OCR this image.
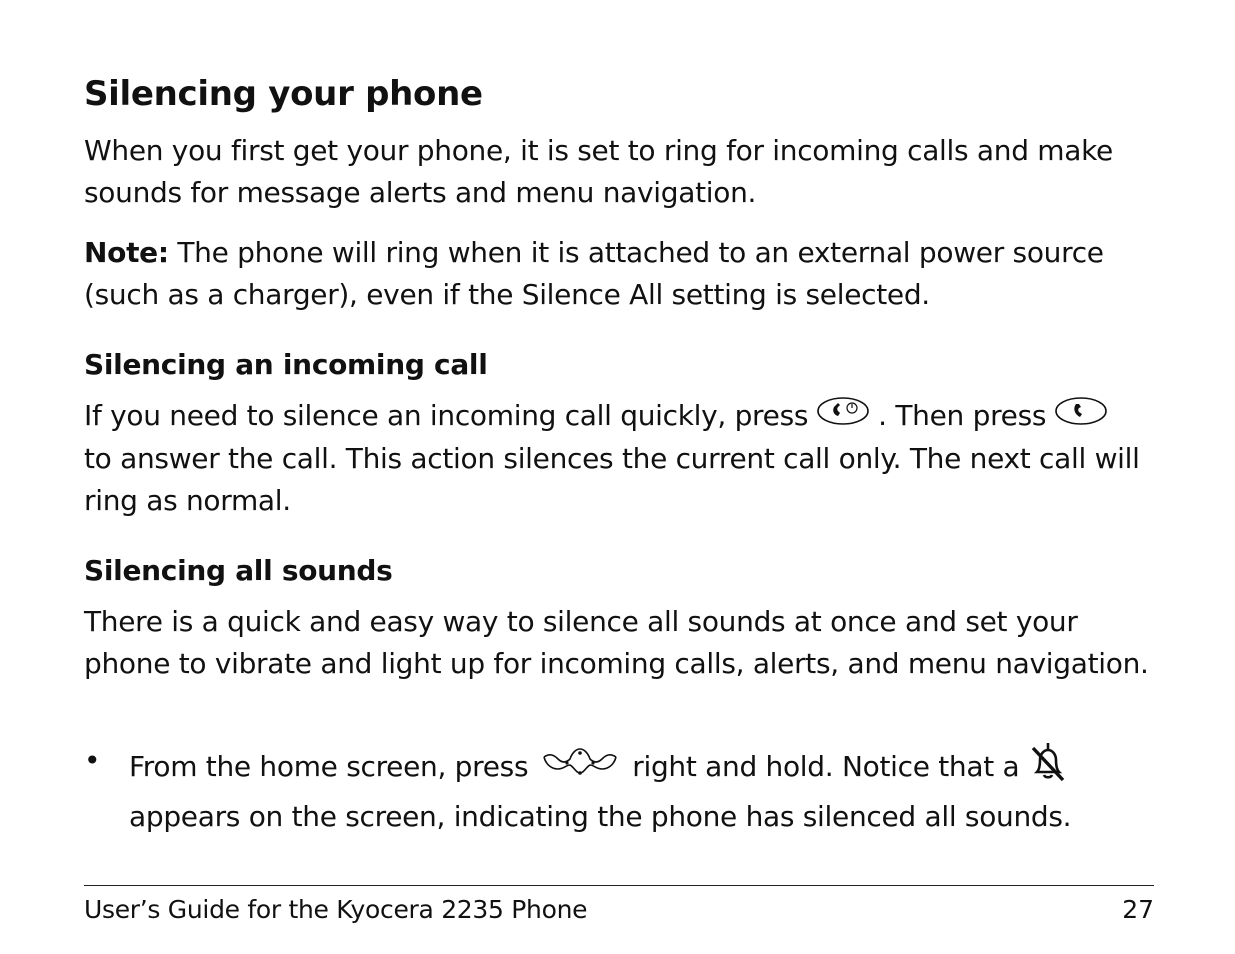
Silencing your phone

When you first get your phone, it is set to ring for incoming calls and make sounds for message alerts and menu navigation.

Note: The phone will ring when it is attached to an external power source (such as a charger), even if the Silence All setting is selected.

Silencing an incoming call

If you need to silence an incoming call quickly, press	. Then press
to answer the call. This action silences the current call only. The next call will ring as normal.

Silencing all sounds

There is a quick and easy way to silence all sounds at once and set your phone to vibrate and light up for incoming calls, alerts, and menu navigation.

• From the home screen, press	right and hold. Notice that a
appears on the screen, indicating the phone has silenced all sounds.
User’s Guide for the Kyocera 2235 Phone	27
